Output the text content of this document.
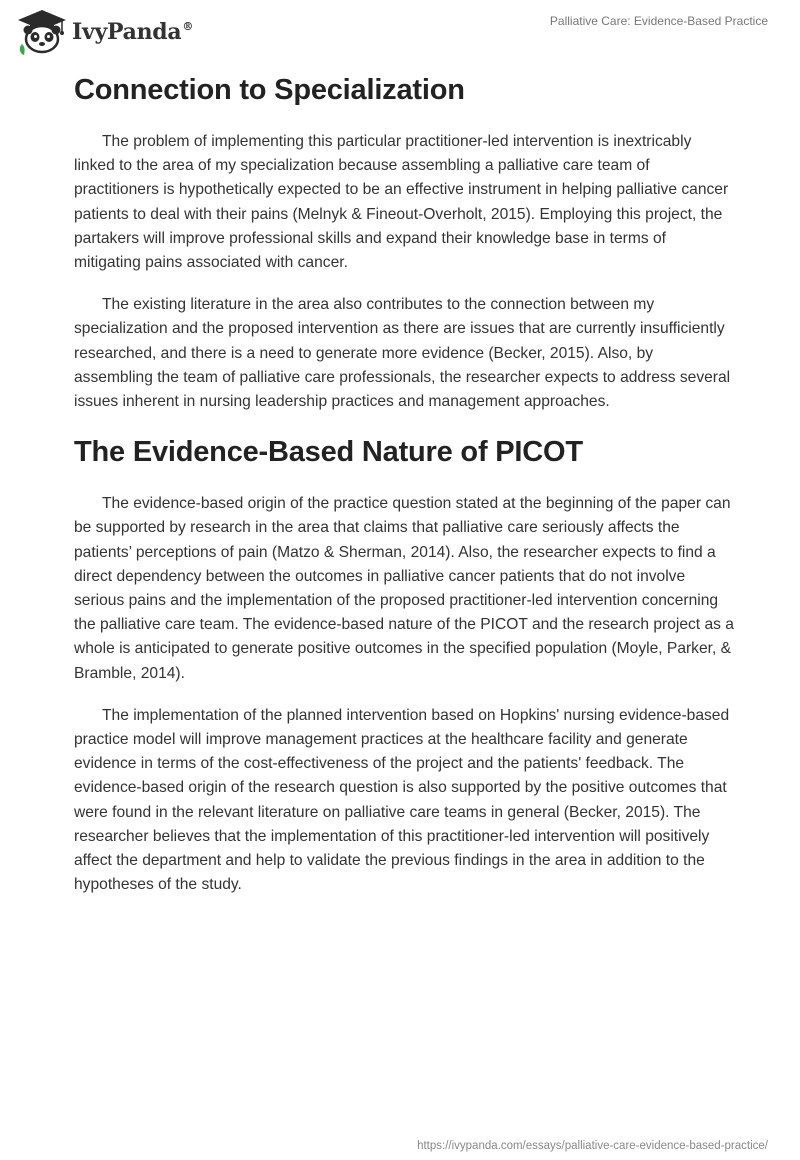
IvyPanda®	Palliative Care: Evidence-Based Practice
Connection to Specialization

The problem of implementing this particular practitioner-led intervention is inextricably linked to the area of my specialization because assembling a palliative care team of practitioners is hypothetically expected to be an effective instrument in helping palliative cancer patients to deal with their pains (Melnyk & Fineout-Overholt, 2015). Employing this project, the partakers will improve professional skills and expand their knowledge base in terms of mitigating pains associated with cancer.

The existing literature in the area also contributes to the connection between my specialization and the proposed intervention as there are issues that are currently insufficiently researched, and there is a need to generate more evidence (Becker, 2015). Also, by assembling the team of palliative care professionals, the researcher expects to address several issues inherent in nursing leadership practices and management approaches.

The Evidence-Based Nature of PICOT

The evidence-based origin of the practice question stated at the beginning of the paper can be supported by research in the area that claims that palliative care seriously affects the patients’ perceptions of pain (Matzo & Sherman, 2014). Also, the researcher expects to find a direct dependency between the outcomes in palliative cancer patients that do not involve serious pains and the implementation of the proposed practitioner-led intervention concerning the palliative care team. The evidence-based nature of the PICOT and the research project as a whole is anticipated to generate positive outcomes in the specified population (Moyle, Parker, & Bramble, 2014).

The implementation of the planned intervention based on Hopkins' nursing evidence-based practice model will improve management practices at the healthcare facility and generate evidence in terms of the cost-effectiveness of the project and the patients' feedback. The evidence-based origin of the research question is also supported by the positive outcomes that were found in the relevant literature on palliative care teams in general (Becker, 2015). The researcher believes that the implementation of this practitioner-led intervention will positively affect the department and help to validate the previous findings in the area in addition to the hypotheses of the study.

https://ivypanda.com/essays/palliative-care-evidence-based-practice/
